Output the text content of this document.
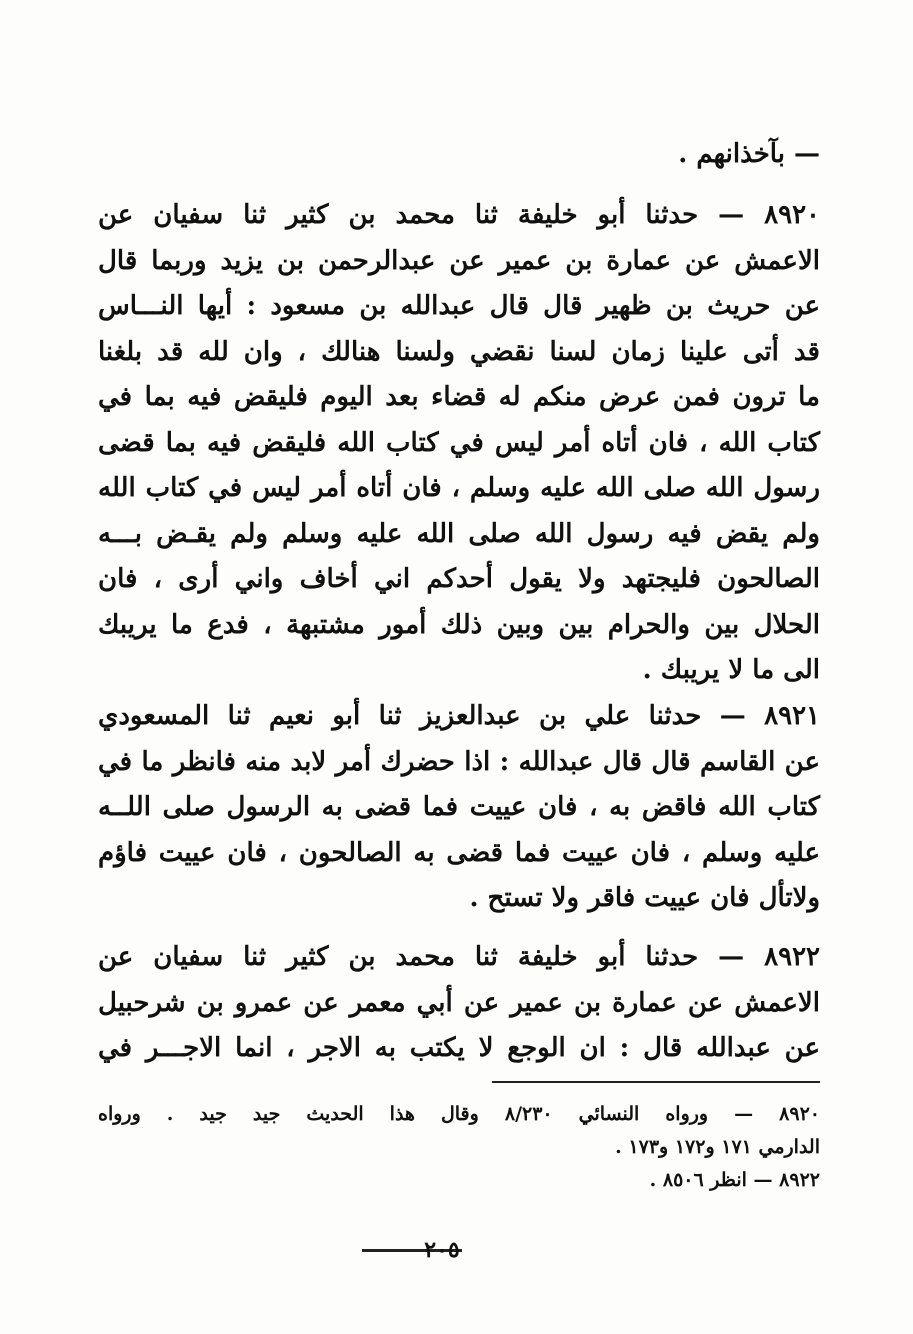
— بآخذانهم .

٨٩٢٠ — حدثنا أبو خليفة ثنا محمد بن كثير ثنا سفيان عن
الاعمش عن عمارة بن عمير عن عبدالرحمن بن يزيد وربما قال
عن حريث بن ظهير قال قال عبدالله بن مسعود : أيها النـــاس
قد أتى علينا زمان لسنا نقضي ولسنا هنالك ، وان لله قد بلغنا
ما ترون فمن عرض منكم له قضاء بعد اليوم فليقض فيه بما في
كتاب الله ، فان أتاه أمر ليس في كتاب الله فليقض فيه بما قضى
رسول الله صلى الله عليه وسلم ، فان أتاه أمر ليس في كتاب الله
ولم يقض فيه رسول الله صلى الله عليه وسلم ولم يقـض بـــه
الصالحون فليجتهد ولا يقول أحدكم اني أخاف واني أرى ، فان
الحلال بين والحرام بين وبين ذلك أمور مشتبهة ، فدع ما يريبك
الى ما لا يريبك .

٨٩٢١ — حدثنا علي بن عبدالعزيز ثنا أبو نعيم ثنا المسعودي
عن القاسم قال قال عبدالله : اذا حضرك أمر لابد منه فانظر ما في
كتاب الله فاقض به ، فان عييت فما قضى به الرسول صلى اللــه
عليه وسلم ، فان عييت فما قضى به الصالحون ، فان عييت فاؤم
ولاتأل فان عييت فاقر ولا تستح .

٨٩٢٢ — حدثنا أبو خليفة ثنا محمد بن كثير ثنا سفيان عن
الاعمش عن عمارة بن عمير عن أبي معمر عن عمرو بن شرحبيل
عن عبدالله قال : ان الوجع لا يكتب به الاجر ، انما الاجـــر في

٨٩٢٠ — ورواه النسائي ٨/٢٣٠ وقال هذا الحديث جيد جيد . ورواه
الدارمي ١٧١ و١٧٢ و١٧٣ .
٨٩٢٢ — انظر ٨٥٠٦ .
٢٠٥
